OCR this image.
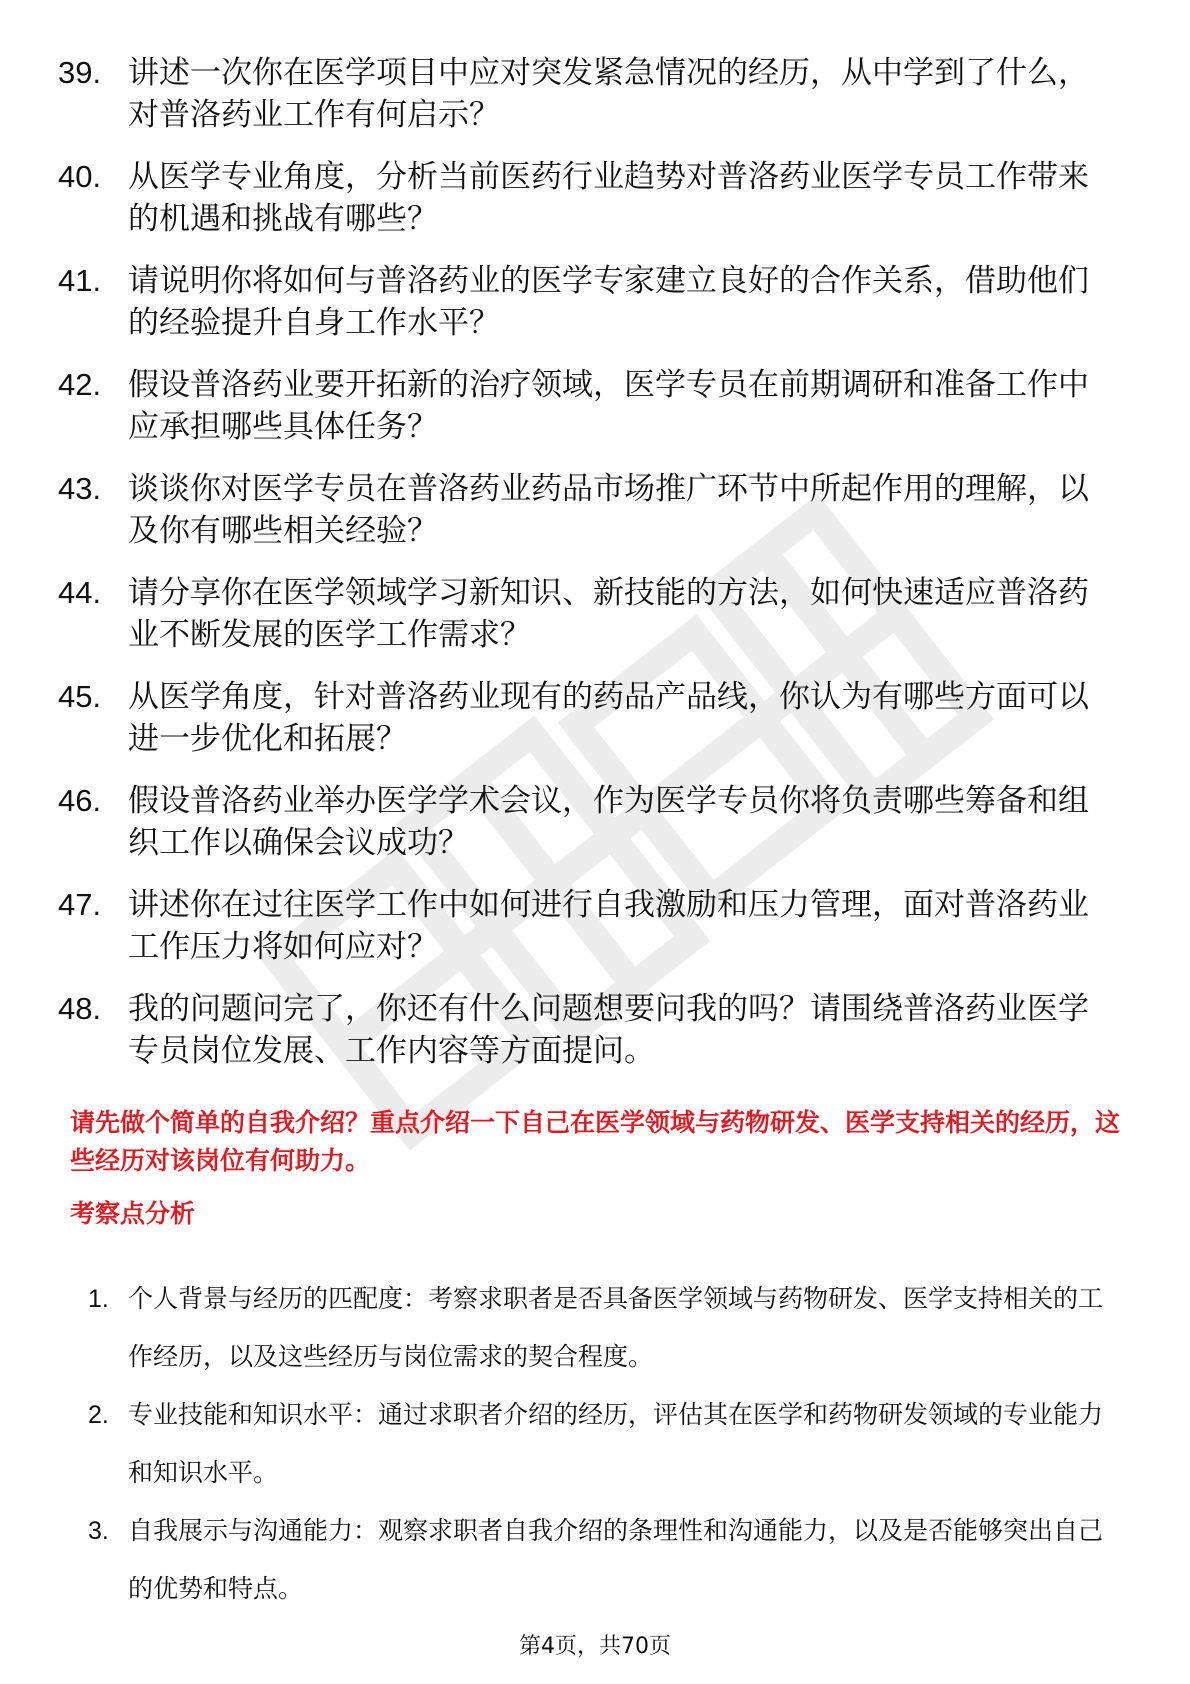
39. 讲述一次你在医学项目中应对突发紧急情况的经历，从中学到了什么，对普洛药业工作有何启示？
40. 从医学专业角度，分析当前医药行业趋势对普洛药业医学专员工作带来的机遇和挑战有哪些？
41. 请说明你将如何与普洛药业的医学专家建立良好的合作关系，借助他们的经验提升自身工作水平？
42. 假设普洛药业要开拓新的治疗领域，医学专员在前期调研和准备工作中应承担哪些具体任务？
43. 谈谈你对医学专员在普洛药业药品市场推广环节中所起作用的理解，以及你有哪些相关经验？
44. 请分享你在医学领域学习新知识、新技能的方法，如何快速适应普洛药业不断发展的医学工作需求？
45. 从医学角度，针对普洛药业现有的药品产品线，你认为有哪些方面可以进一步优化和拓展？
46. 假设普洛药业举办医学学术会议，作为医学专员你将负责哪些筹备和组织工作以确保会议成功？
47. 讲述你在过往医学工作中如何进行自我激励和压力管理，面对普洛药业工作压力将如何应对？
48. 我的问题问完了，你还有什么问题想要问我的吗？请围绕普洛药业医学专员岗位发展、工作内容等方面提问。
请先做个简单的自我介绍？重点介绍一下自己在医学领域与药物研发、医学支持相关的经历，这些经历对该岗位有何助力。
考察点分析
1. 个人背景与经历的匹配度：考察求职者是否具备医学领域与药物研发、医学支持相关的工作经历，以及这些经历与岗位需求的契合程度。
2. 专业技能和知识水平：通过求职者介绍的经历，评估其在医学和药物研发领域的专业能力和知识水平。
3. 自我展示与沟通能力：观察求职者自我介绍的条理性和沟通能力，以及是否能够突出自己的优势和特点。
第4页，共70页
